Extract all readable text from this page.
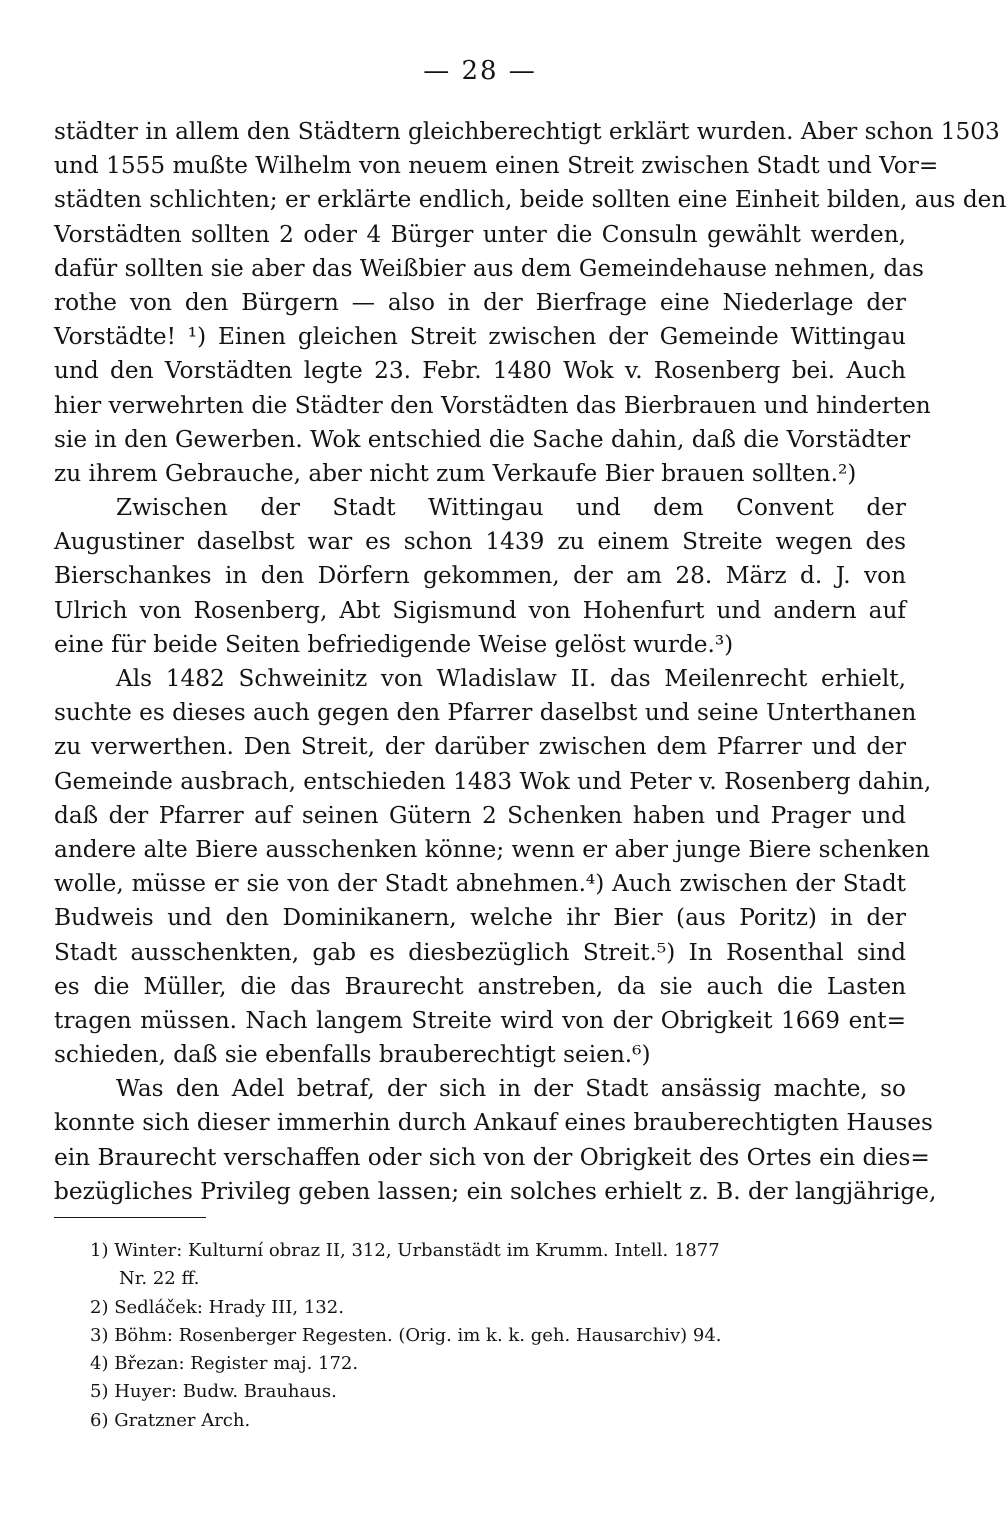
— 28 —
städter in allem den Städtern gleichberechtigt erklärt wurden. Aber schon 1503
und 1555 mußte Wilhelm von neuem einen Streit zwischen Stadt und Vor=
städten schlichten; er erklärte endlich, beide sollten eine Einheit bilden, aus den
Vorstädten sollten 2 oder 4 Bürger unter die Consuln gewählt werden,
dafür sollten sie aber das Weißbier aus dem Gemeindehause nehmen, das
rothe von den Bürgern — also in der Bierfrage eine Niederlage der
Vorstädte! ¹) Einen gleichen Streit zwischen der Gemeinde Wittingau
und den Vorstädten legte 23. Febr. 1480 Wok v. Rosenberg bei. Auch
hier verwehrten die Städter den Vorstädten das Bierbrauen und hinderten
sie in den Gewerben. Wok entschied die Sache dahin, daß die Vorstädter
zu ihrem Gebrauche, aber nicht zum Verkaufe Bier brauen sollten.²)
Zwischen der Stadt Wittingau und dem Convent der
Augustiner daselbst war es schon 1439 zu einem Streite wegen des
Bierschankes in den Dörfern gekommen, der am 28. März d. J. von
Ulrich von Rosenberg, Abt Sigismund von Hohenfurt und andern auf
eine für beide Seiten befriedigende Weise gelöst wurde.³)
Als 1482 Schweinitz von Wladislaw II. das Meilenrecht erhielt,
suchte es dieses auch gegen den Pfarrer daselbst und seine Unterthanen
zu verwerthen. Den Streit, der darüber zwischen dem Pfarrer und der
Gemeinde ausbrach, entschieden 1483 Wok und Peter v. Rosenberg dahin,
daß der Pfarrer auf seinen Gütern 2 Schenken haben und Prager und
andere alte Biere ausschenken könne; wenn er aber junge Biere schenken
wolle, müsse er sie von der Stadt abnehmen.⁴) Auch zwischen der Stadt
Budweis und den Dominikanern, welche ihr Bier (aus Poritz) in der
Stadt ausschenkten, gab es diesbezüglich Streit.⁵) In Rosenthal sind
es die Müller, die das Braurecht anstreben, da sie auch die Lasten
tragen müssen. Nach langem Streite wird von der Obrigkeit 1669 ent=
schieden, daß sie ebenfalls brauberechtigt seien.⁶)
Was den Adel betraf, der sich in der Stadt ansässig machte, so
konnte sich dieser immerhin durch Ankauf eines brauberechtigten Hauses
ein Braurecht verschaffen oder sich von der Obrigkeit des Ortes ein dies=
bezügliches Privileg geben lassen; ein solches erhielt z. B. der langjährige,
1) Winter: Kulturní obraz II, 312, Urbanstädt im Krumm. Intell. 1877
Nr. 22 ff.
2) Sedláček: Hrady III, 132.
3) Böhm: Rosenberger Regesten. (Orig. im k. k. geh. Hausarchiv) 94.
4) Březan: Register maj. 172.
5) Huyer: Budw. Brauhaus.
6) Gratzner Arch.
